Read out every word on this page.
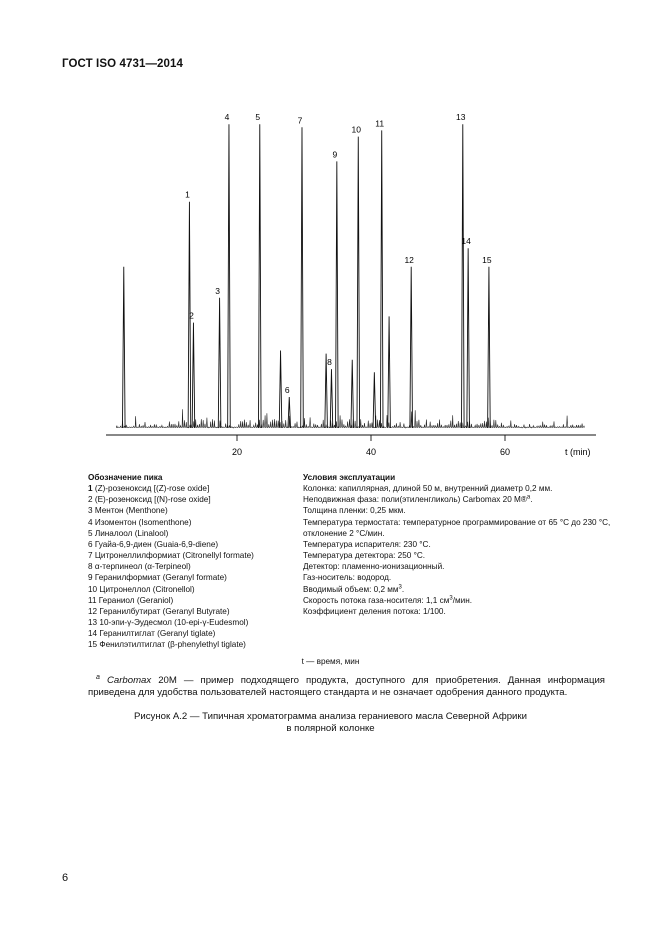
ГОСТ ISO 4731—2014
1
2
3
4	5
6
7
8
9
10
11
12
13
14
15
20	40	60	t (min)
Обозначение пика
1 (Z)-розеноксид [(Z)-rose oxide]
2 (E)-розеноксид [(N)-rose oxide]
3 Ментон (Menthone)
4 Изоментон (Isomenthone)
5 Линалоол (Linalool)
6 Гуайа-6,9-диен (Guaia-6,9-diene)
7 Цитронеллилформиат (Citronellyl formate)
8 α-терпинеол (α-Terpineol)
9 Геранилформиат (Geranyl formate)
10 Цитронеллол (Citronellol)
11 Гераниол (Geraniol)
12 Геранилбутират (Geranyl Butyrate)
13 10-эпи-γ-Эудесмол (10-epi-γ-Eudesmol)
14 Геранилтиглат (Geranyl tiglate)
15 Фенилэтилтиглат (β-phenylethyl tiglate)
Условия эксплуатации
Колонка: капиллярная, длиной 50 м, внутренний диаметр 0,2 мм.
Неподвижная фаза: поли(этиленгликоль) Carbomax 20 M®$^a$.
Толщина пленки: 0,25 мкм.
Температура термостата: температурное программирование от 65 °С до 230 °С, отклонение 2 °С/мин.
Температура испарителя: 230 °С.
Температура детектора: 250 °С.
Детектор: пламенно-ионизационный.
Газ-носитель: водород.
Вводимый объем: 0,2 $мм^3$.
Скорость потока газа-носителя: 1,1 $см^3$/мин.
Коэффициент деления потока: 1/100.
t — время, мин
$^a$ Carbomax 20M — пример подходящего продукта, доступного для приобретения. Данная информация приведена для удобства пользователей настоящего стандарта и не означает одобрения данного продукта.
Рисунок А.2 — Типичная хроматограмма анализа гераниевого масла Северной Африки
в полярной колонке
6
